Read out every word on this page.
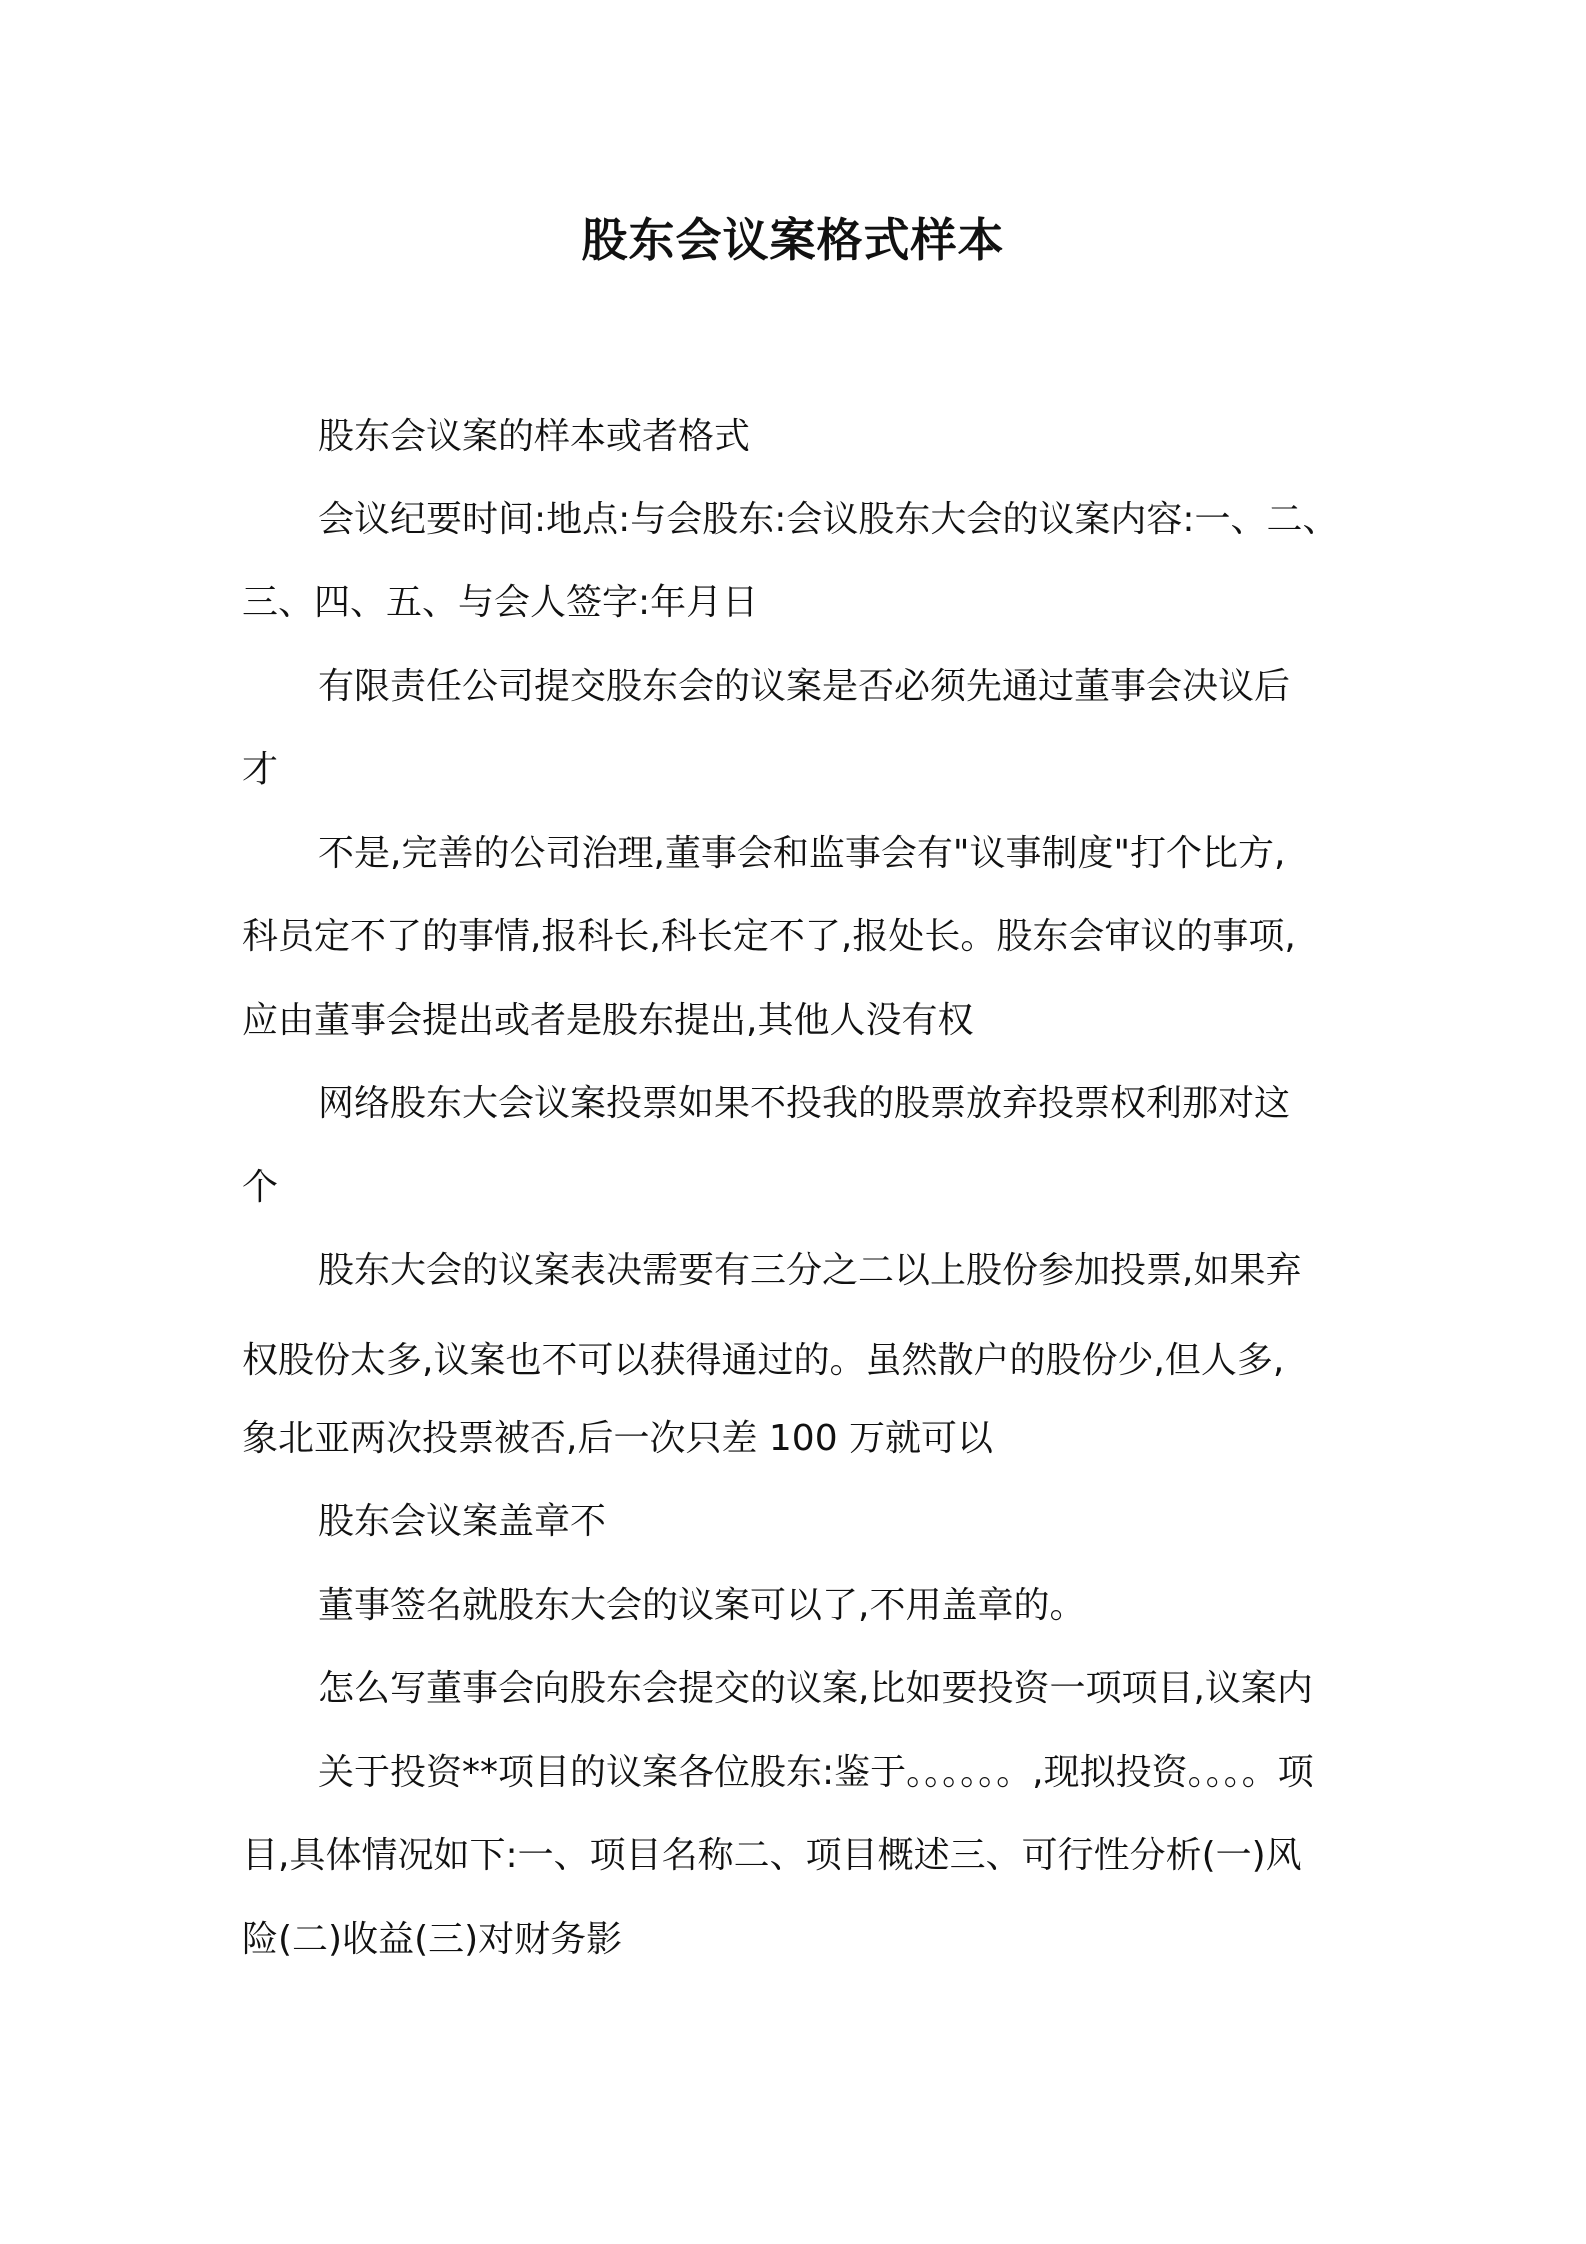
股东会议案格式样本
股东会议案的样本或者格式
会议纪要时间:地点:与会股东:会议股东大会的议案内容:一、二、
三、四、五、与会人签字:年月日
有限责任公司提交股东会的议案是否必须先通过董事会决议后
才
不是,完善的公司治理,董事会和监事会有"议事制度"打个比方,
科员定不了的事情,报科长,科长定不了,报处长。股东会审议的事项,
应由董事会提出或者是股东提出,其他人没有权
网络股东大会议案投票如果不投我的股票放弃投票权利那对这
个
股东大会的议案表决需要有三分之二以上股份参加投票,如果弃
权股份太多,议案也不可以获得通过的。虽然散户的股份少,但人多,
象北亚两次投票被否,后一次只差 100 万就可以
股东会议案盖章不
董事签名就股东大会的议案可以了,不用盖章的。
怎么写董事会向股东会提交的议案,比如要投资一项项目,议案内
关于投资**项目的议案各位股东:鉴于。。。。。。,现拟投资。。。。项
目,具体情况如下:一、项目名称二、项目概述三、可行性分析(一)风
险(二)收益(三)对财务影
